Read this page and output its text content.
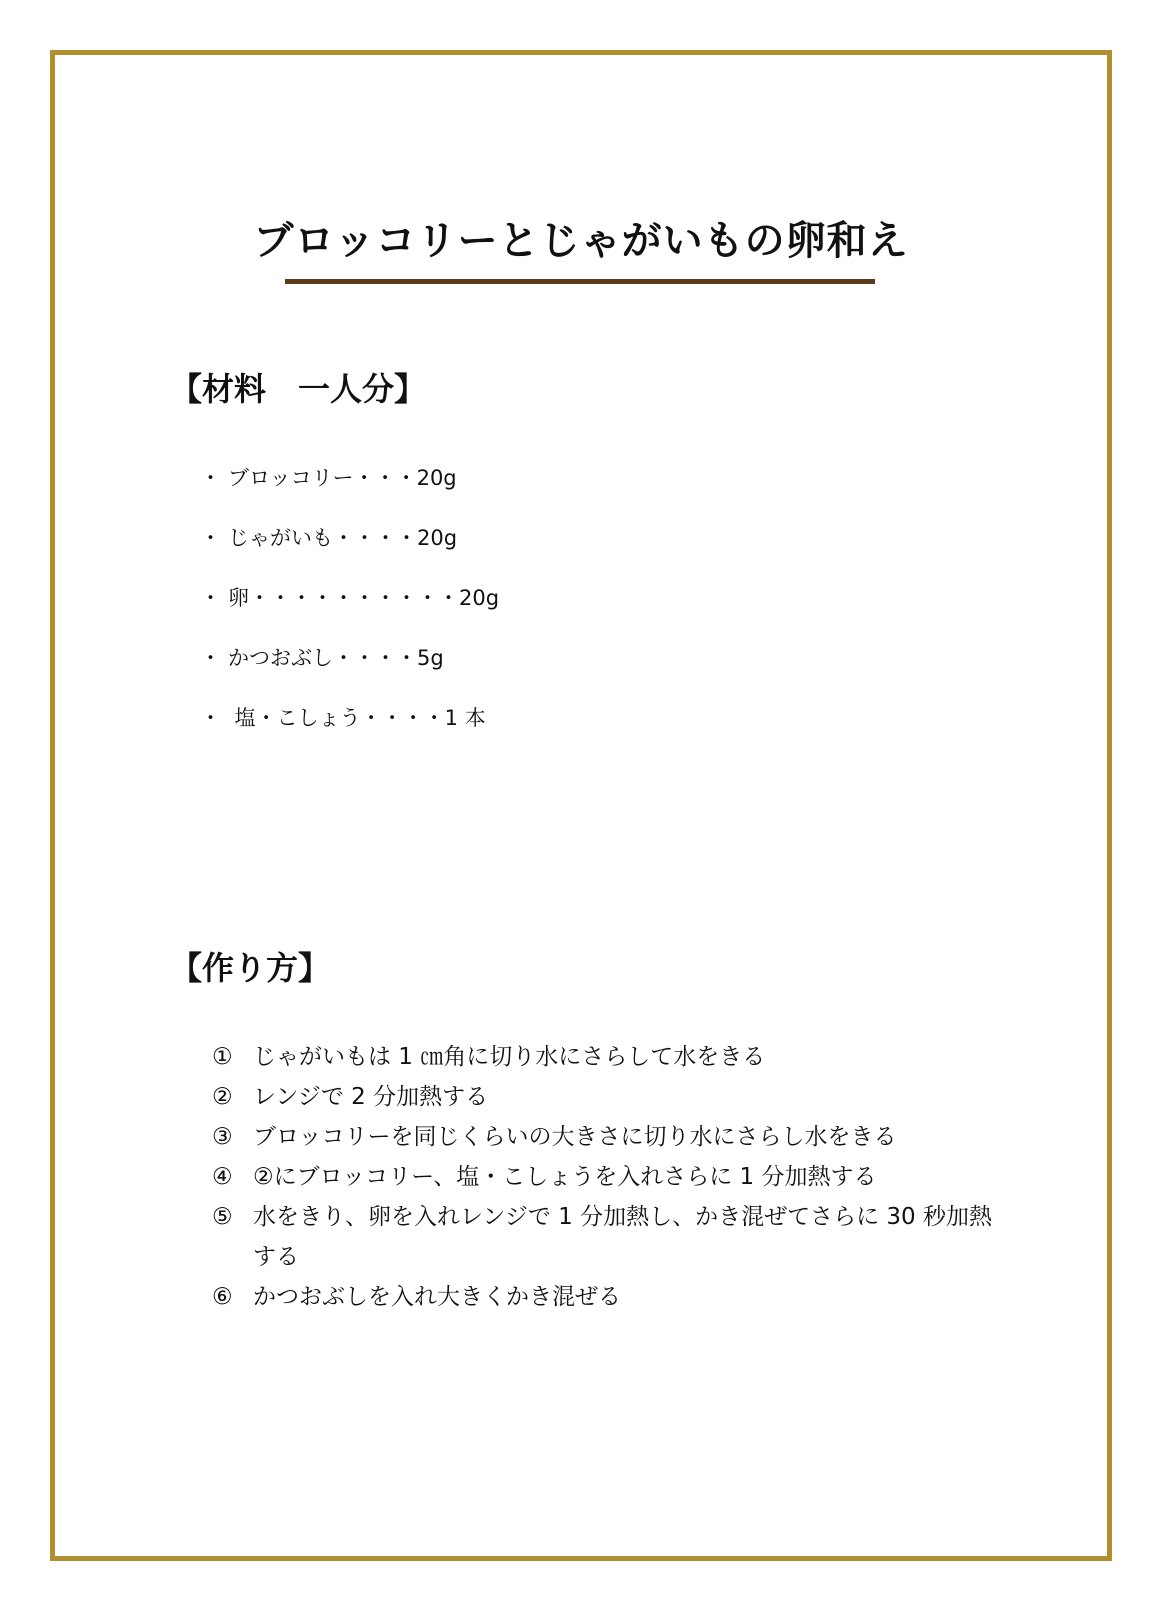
ブロッコリーとじゃがいもの卵和え
【材料　一人分】
・ ブロッコリー・・・20g
・ じゃがいも・・・・20g
・ 卵・・・・・・・・・・20g
・ かつおぶし・・・・5g
・ 塩・こしょう・・・・1 本
【作り方】
① じゃがいもは 1 ㎝角に切り水にさらして水をきる
② レンジで 2 分加熱する
③ ブロッコリーを同じくらいの大きさに切り水にさらし水をきる
④ ②にブロッコリー、塩・こしょうを入れさらに 1 分加熱する
⑤ 水をきり、卵を入れレンジで 1 分加熱し、かき混ぜてさらに 30 秒加熱する
⑥ かつおぶしを入れ大きくかき混ぜる
